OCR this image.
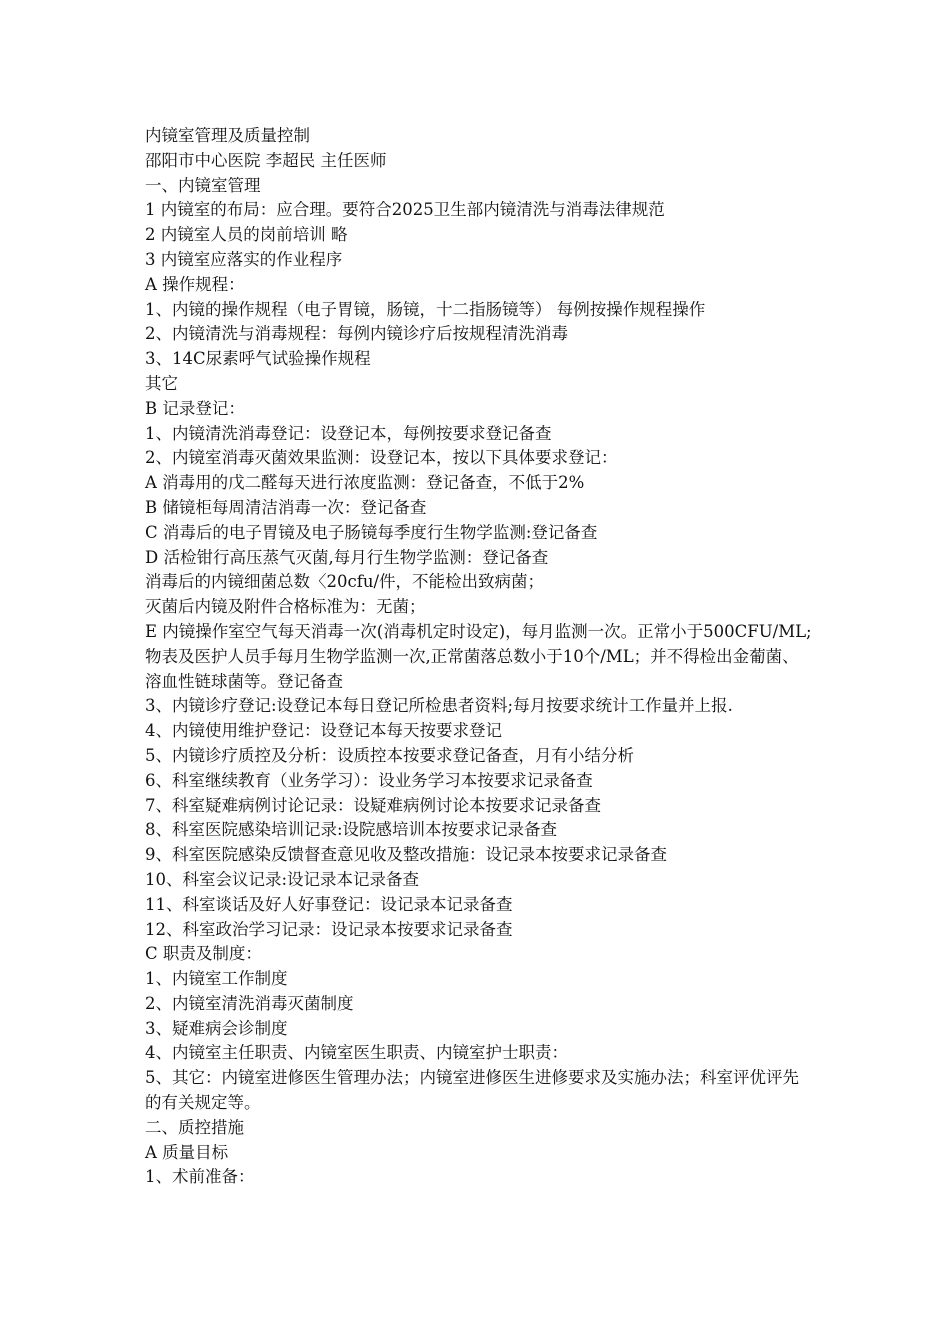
内镜室管理及质量控制

邵阳市中心医院 李超民 主任医师

一、内镜室管理

1 内镜室的布局：应合理。要符合2025卫生部内镜清洗与消毒法律规范

2 内镜室人员的岗前培训 略

3 内镜室应落实的作业程序

A 操作规程：

1、内镜的操作规程（电子胃镜，肠镜，十二指肠镜等） 每例按操作规程操作

2、内镜清洗与消毒规程：每例内镜诊疗后按规程清洗消毒

3、14C尿素呼气试验操作规程

其它

B 记录登记：

1、内镜清洗消毒登记：设登记本，每例按要求登记备查

2、内镜室消毒灭菌效果监测：设登记本，按以下具体要求登记：

A 消毒用的戊二醛每天进行浓度监测：登记备查，不低于2%

B 储镜柜每周清洁消毒一次：登记备查

C 消毒后的电子胃镜及电子肠镜每季度行生物学监测:登记备查

D 活检钳行高压蒸气灭菌,每月行生物学监测：登记备查

消毒后的内镜细菌总数〈20cfu/件，不能检出致病菌；

灭菌后内镜及附件合格标准为：无菌；

E 内镜操作室空气每天消毒一次(消毒机定时设定)，每月监测一次。正常小于500CFU/ML;物表及医护人员手每月生物学监测一次,正常菌落总数小于10个/ML；并不得检出金葡菌、溶血性链球菌等。登记备查

3、内镜诊疗登记:设登记本每日登记所检患者资料;每月按要求统计工作量并上报.

4、内镜使用维护登记：设登记本每天按要求登记

5、内镜诊疗质控及分析：设质控本按要求登记备查，月有小结分析

6、科室继续教育（业务学习）：设业务学习本按要求记录备查

7、科室疑难病例讨论记录：设疑难病例讨论本按要求记录备查

8、科室医院感染培训记录:设院感培训本按要求记录备查

9、科室医院感染反馈督查意见收及整改措施：设记录本按要求记录备查

10、科室会议记录:设记录本记录备查

11、科室谈话及好人好事登记：设记录本记录备查

12、科室政治学习记录：设记录本按要求记录备查

C 职责及制度：

1、内镜室工作制度

2、内镜室清洗消毒灭菌制度

3、疑难病会诊制度

4、内镜室主任职责、内镜室医生职责、内镜室护士职责：

5、其它：内镜室进修医生管理办法；内镜室进修医生进修要求及实施办法；科室评优评先的有关规定等。

二、质控措施

A 质量目标

1、术前准备：
